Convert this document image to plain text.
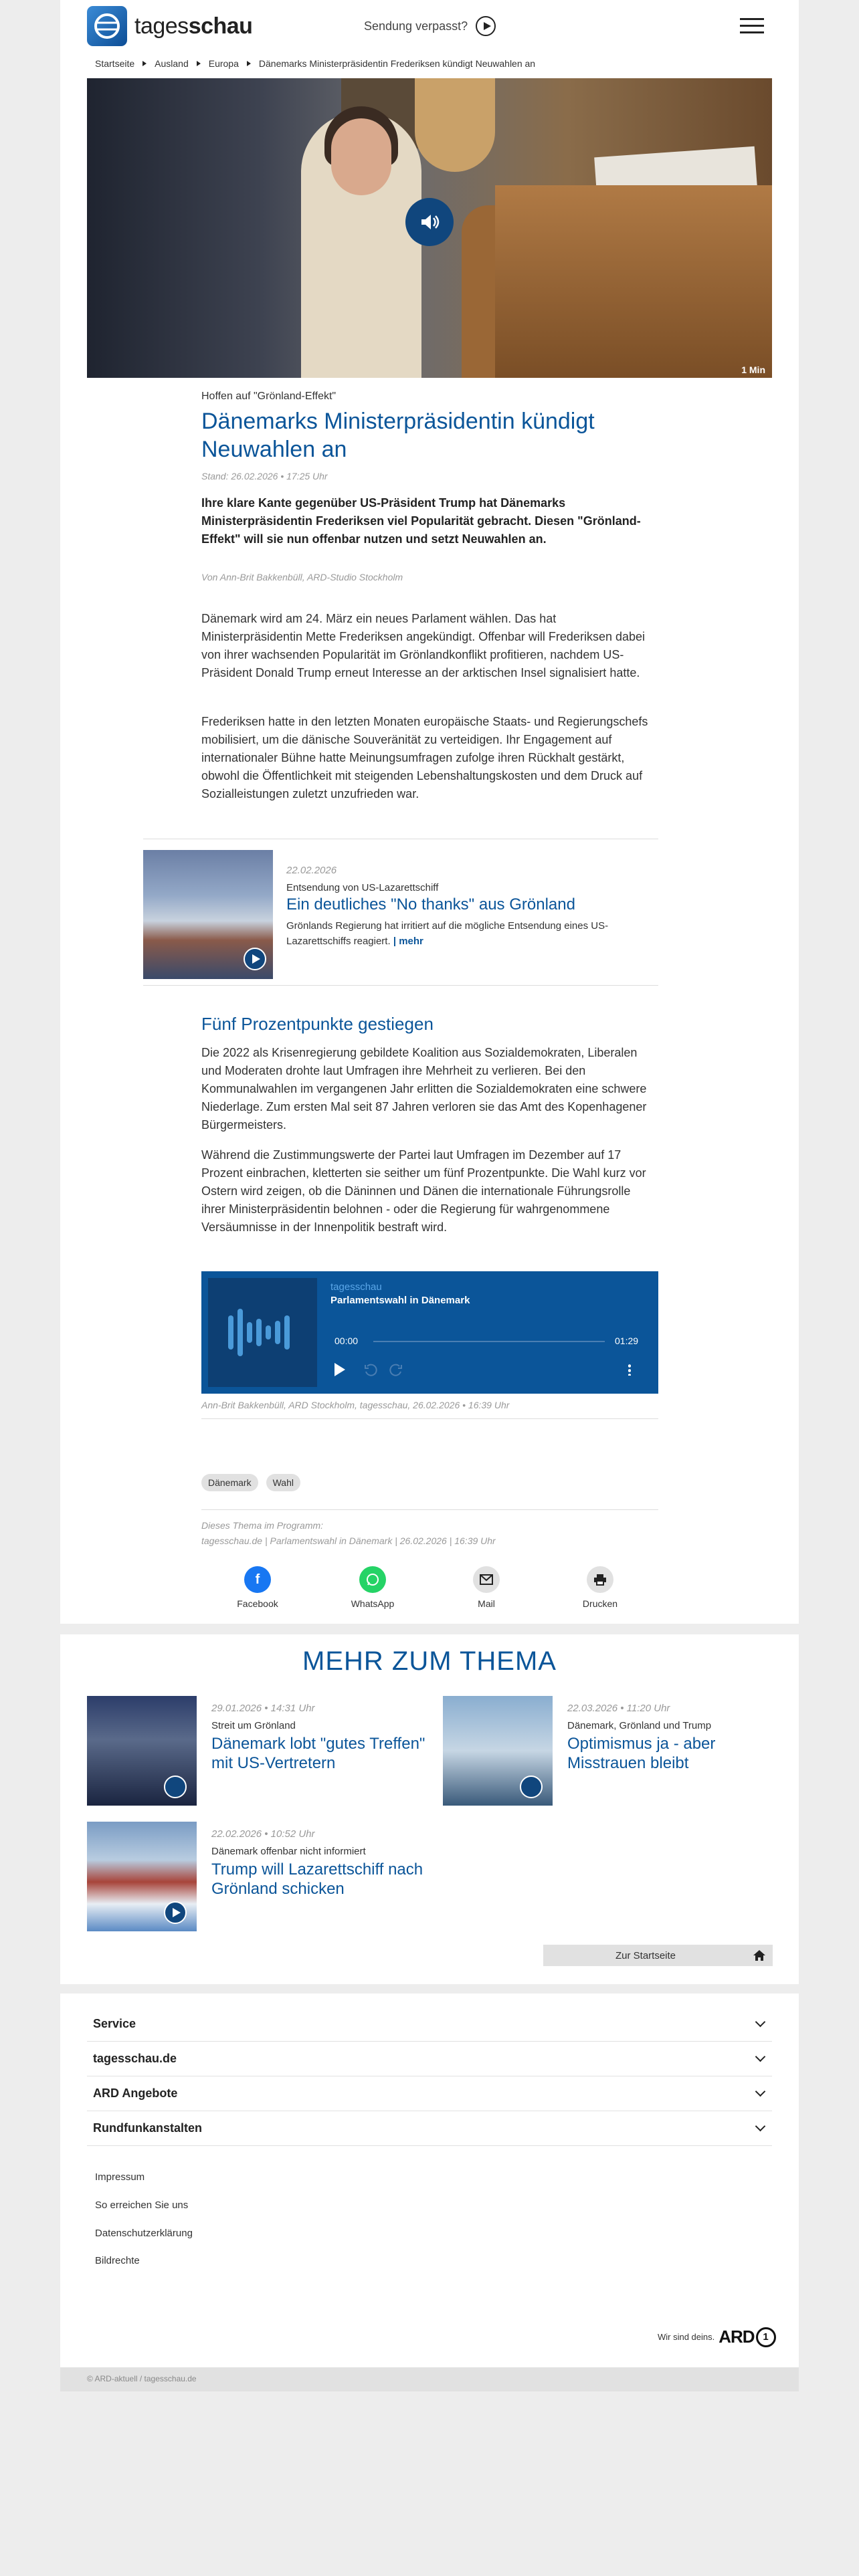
tagesschau	Sendung verpasst?
Startseite Ausland Europa Dänemarks Ministerpräsidentin Frederiksen kündigt Neuwahlen an
1 Min
Hoffen auf "Grönland-Effekt"
Dänemarks Ministerpräsidentin kündigt Neuwahlen an
Stand: 26.02.2026 • 17:25 Uhr

Ihre klare Kante gegenüber US-Präsident Trump hat Dänemarks Ministerpräsidentin Frederiksen viel Popularität gebracht. Diesen "Grönland-Effekt" will sie nun offenbar nutzen und setzt Neuwahlen an.

Von Ann-Brit Bakkenbüll, ARD-Studio Stockholm

Dänemark wird am 24. März ein neues Parlament wählen. Das hat Ministerpräsidentin Mette Frederiksen angekündigt. Offenbar will Frederiksen dabei von ihrer wachsenden Popularität im Grönlandkonflikt profitieren, nachdem US-Präsident Donald Trump erneut Interesse an der arktischen Insel signalisiert hatte.

Frederiksen hatte in den letzten Monaten europäische Staats- und Regierungschefs mobilisiert, um die dänische Souveränität zu verteidigen. Ihr Engagement auf internationaler Bühne hatte Meinungsumfragen zufolge ihren Rückhalt gestärkt, obwohl die Öffentlichkeit mit steigenden Lebenshaltungskosten und dem Druck auf Sozialleistungen zuletzt unzufrieden war.

22.02.2026
Entsendung von US-Lazarettschiff
Ein deutliches "No thanks" aus Grönland
Grönlands Regierung hat irritiert auf die mögliche Entsendung eines US-Lazarettschiffs reagiert. | mehr
Fünf Prozentpunkte gestiegen

Die 2022 als Krisenregierung gebildete Koalition aus Sozialdemokraten, Liberalen und Moderaten drohte laut Umfragen ihre Mehrheit zu verlieren. Bei den Kommunalwahlen im vergangenen Jahr erlitten die Sozialdemokraten eine schwere Niederlage. Zum ersten Mal seit 87 Jahren verloren sie das Amt des Kopenhagener Bürgermeisters.

Während die Zustimmungswerte der Partei laut Umfragen im Dezember auf 17 Prozent einbrachen, kletterten sie seither um fünf Prozentpunkte. Die Wahl kurz vor Ostern wird zeigen, ob die Däninnen und Dänen die internationale Führungsrolle ihrer Ministerpräsidentin belohnen - oder die Regierung für wahrgenommene Versäumnisse in der Innenpolitik bestraft wird.

tagesschau
Parlamentswahl in Dänemark
00:00	01:29
Ann-Brit Bakkenbüll, ARD Stockholm, tagesschau, 26.02.2026 • 16:39 Uhr
Dänemark	Wahl
Dieses Thema im Programm:
tagesschau.de | Parlamentswahl in Dänemark | 26.02.2026 | 16:39 Uhr
f
Facebook	WhatsApp	Mail	Drucken
MEHR ZUM THEMA
29.01.2026 • 14:31 Uhr
Streit um Grönland
Dänemark lobt "gutes Treffen" mit US-Vertretern
22.03.2026 • 11:20 Uhr
Dänemark, Grönland und Trump
Optimismus ja - aber Misstrauen bleibt
22.02.2026 • 10:52 Uhr
Dänemark offenbar nicht informiert
Trump will Lazarettschiff nach Grönland schicken
Zur Startseite
Service
tagesschau.de
ARD Angebote
Rundfunkanstalten
Impressum
So erreichen Sie uns
Datenschutzerklärung
Bildrechte
Wir sind deins. ARD 1
© ARD-aktuell / tagesschau.de
